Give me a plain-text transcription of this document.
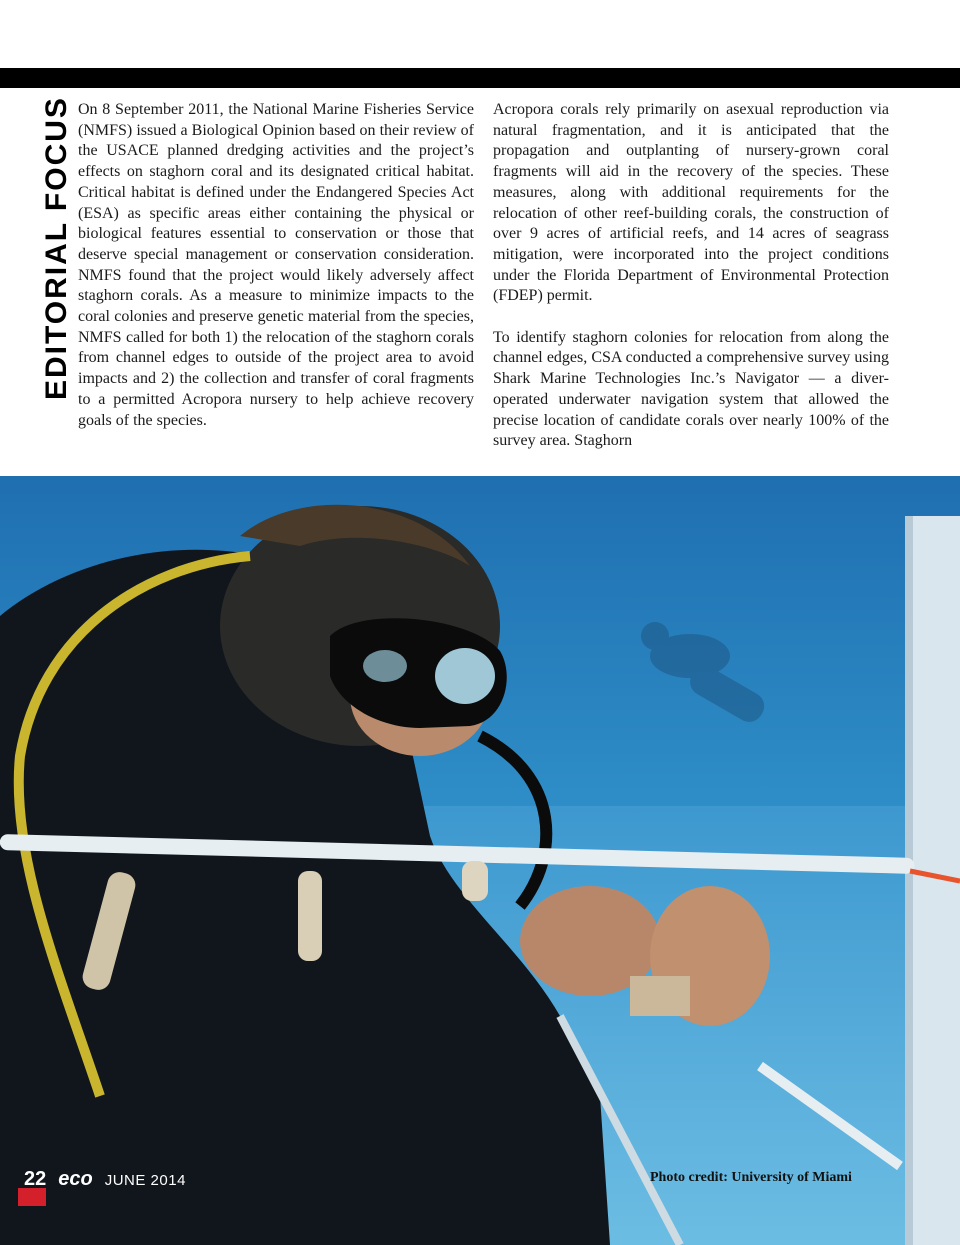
EDITORIAL FOCUS On 8 September 2011, the National Marine Fisheries Service (NMFS) issued a Biological Opinion based on their review of the USACE planned dredging activities and the project’s effects on staghorn coral and its designated critical habitat. Critical habitat is defined under the Endangered Species Act (ESA) as specific areas either containing the physical or biological features essential to conservation or those that deserve special management or conservation consideration. NMFS found that the project would likely adversely affect staghorn corals. As a measure to minimize impacts to the coral colonies and preserve genetic material from the species, NMFS called for both 1) the relocation of the staghorn corals from channel edges to outside of the project area to avoid impacts and 2) the collection and transfer of coral fragments to a permitted Acropora nursery to help achieve recovery goals of the species.

Acropora corals rely primarily on asexual reproduction via natural fragmentation, and it is anticipated that the propagation and outplanting of nursery-grown coral fragments will aid in the recovery of the species. These measures, along with additional requirements for the relocation of other reef-building corals, the construction of over 9 acres of artificial reefs, and 14 acres of seagrass mitigation, were incorporated into the project conditions under the Florida Department of Environmental Protection (FDEP) permit.

To identify staghorn colonies for relocation from along the channel edges, CSA conducted a comprehensive survey using Shark Marine Technologies Inc.’s Navigator — a diver-operated underwater navigation system that allowed the precise location of candidate corals over nearly 100% of the survey area. Staghorn

22 eco JUNE 2014	Photo credit: University of Miami
